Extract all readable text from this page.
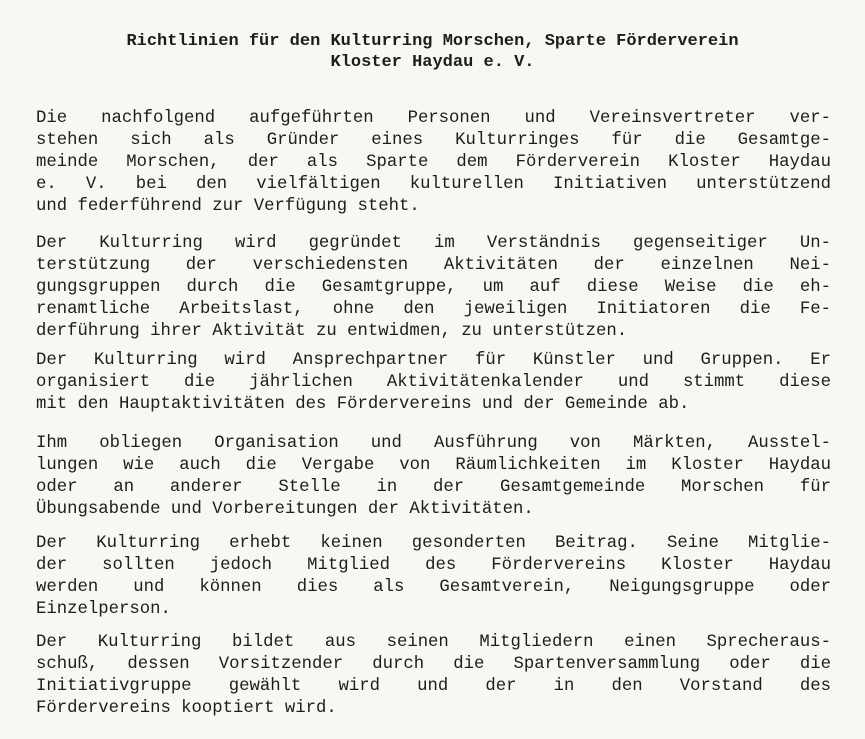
Richtlinien für den Kulturring Morschen, Sparte Förderverein
Kloster Haydau e. V.
Die nachfolgend aufgeführten Personen und Vereinsvertreter ver-
stehen sich als Gründer eines Kulturringes für die Gesamtge-
meinde Morschen, der als Sparte dem Förderverein Kloster Haydau
e. V. bei den vielfältigen kulturellen Initiativen unterstützend
und federführend zur Verfügung steht.
Der Kulturring wird gegründet im Verständnis gegenseitiger Un-
terstützung der verschiedensten Aktivitäten der einzelnen Nei-
gungsgruppen durch die Gesamtgruppe, um auf diese Weise die eh-
renamtliche Arbeitslast, ohne den jeweiligen Initiatoren die Fe-
derführung ihrer Aktivität zu entwidmen, zu unterstützen.
Der Kulturring wird Ansprechpartner für Künstler und Gruppen. Er
organisiert die jährlichen Aktivitätenkalender und stimmt diese
mit den Hauptaktivitäten des Fördervereins und der Gemeinde ab.
Ihm obliegen Organisation und Ausführung von Märkten, Ausstel-
lungen wie auch die Vergabe von Räumlichkeiten im Kloster Haydau
oder an anderer Stelle in der Gesamtgemeinde Morschen für
Übungsabende und Vorbereitungen der Aktivitäten.
Der Kulturring erhebt keinen gesonderten Beitrag. Seine Mitglie-
der sollten jedoch Mitglied des Fördervereins Kloster Haydau
werden und können dies als Gesamtverein, Neigungsgruppe oder
Einzelperson.
Der Kulturring bildet aus seinen Mitgliedern einen Sprecheraus-
schuß, dessen Vorsitzender durch die Spartenversammlung oder die
Initiativgruppe gewählt wird und der in den Vorstand des
Fördervereins kooptiert wird.
